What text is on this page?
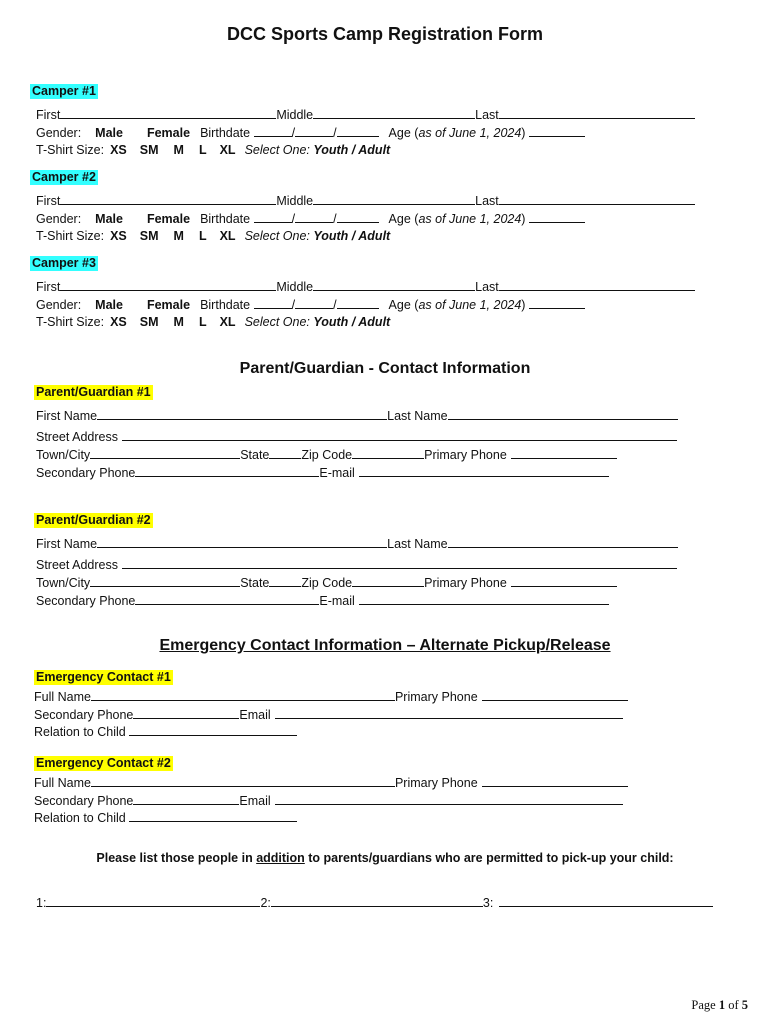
DCC Sports Camp Registration Form
Camper #1
First	Middle	Last
Gender: Male Female Birthdate	/	/	Age (as of June 1, 2024)
T-Shirt Size: XS SM M L XL Select One: Youth / Adult
Camper #2
First	Middle	Last
Gender: Male Female Birthdate	/	/	Age (as of June 1, 2024)
T-Shirt Size: XS SM M L XL Select One: Youth / Adult
Camper #3
First	Middle	Last
Gender: Male Female Birthdate	/	/	Age (as of June 1, 2024)
T-Shirt Size: XS SM M L XL Select One: Youth / Adult
Parent/Guardian - Contact Information
Parent/Guardian #1
First Name	Last Name
Street Address
Town/City	State	Zip Code	Primary Phone
Secondary Phone	E-mail
Parent/Guardian #2
First Name	Last Name
Street Address
Town/City	State	Zip Code	Primary Phone
Secondary Phone	E-mail
Emergency Contact Information – Alternate Pickup/Release
Emergency Contact #1
Full Name	Primary Phone
Secondary Phone	Email
Relation to Child
Emergency Contact #2
Full Name	Primary Phone
Secondary Phone	Email
Relation to Child
Please list those people in addition to parents/guardians who are permitted to pick-up your child:
1:	2:	3:
Page 1 of 5
